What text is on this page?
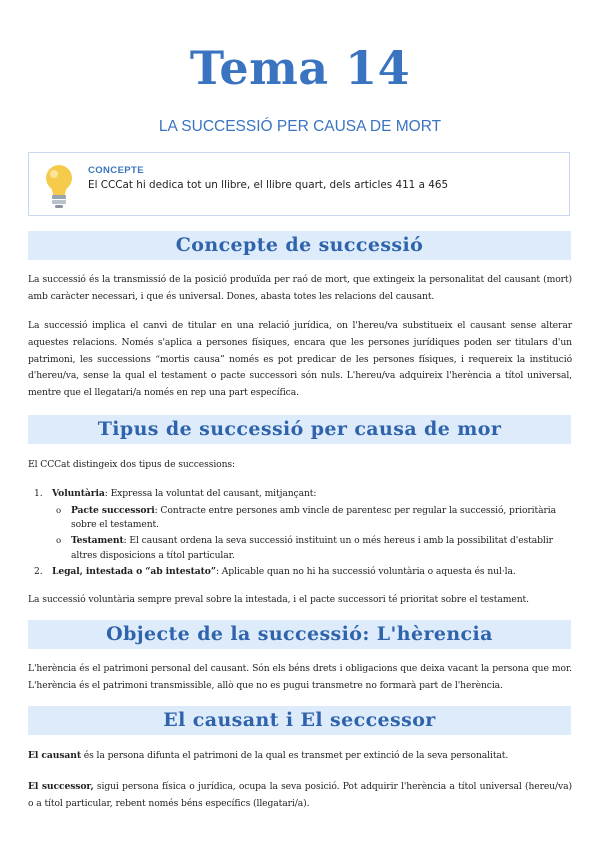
Tema 14
LA SUCCESSIÓ PER CAUSA DE MORT
CONCEPTE
El CCCat hi dedica tot un llibre, el llibre quart, dels articles 411 a 465
Concepte de successió
La successió és la transmissió de la posició produïda per raó de mort, que extingeix la personalitat del causant (mort) amb caràcter necessari, i que és universal. Dones, abasta totes les relacions del causant.
La successió implica el canvi de titular en una relació jurídica, on l'hereu/va substitueix el causant sense alterar aquestes relacions. Només s'aplica a persones físiques, encara que les persones jurídiques poden ser titulars d'un patrimoni, les successions “mortis causa” només es pot predicar de les persones físiques, i requereix la institució d'hereu/va, sense la qual el testament o pacte successori són nuls. L'hereu/va adquireix l'herència a títol universal, mentre que el llegatari/a només en rep una part específica.
Tipus de successió per causa de mor
El CCCat distingeix dos tipus de successions:
1. Voluntària: Expressa la voluntat del causant, mitjançant:
o Pacte successori: Contracte entre persones amb vincle de parentesc per regular la successió, prioritària sobre el testament.
o Testament: El causant ordena la seva successió instituint un o més hereus i amb la possibilitat d'establir altres disposicions a títol particular.
2. Legal, intestada o “ab intestato”: Aplicable quan no hi ha successió voluntària o aquesta és nul·la.
La successió voluntària sempre preval sobre la intestada, i el pacte successori té prioritat sobre el testament.
Objecte de la successió: L'hèrencia
L'herència és el patrimoni personal del causant. Són els béns drets i obligacions que deixa vacant la persona que mor. L'herència és el patrimoni transmissible, allò que no es pugui transmetre no formarà part de l'herència.
El causant i El seccessor
El causant és la persona difunta el patrimoni de la qual es transmet per extinció de la seva personalitat.
El successor, sigui persona física o jurídica, ocupa la seva posició. Pot adquirir l'herència a títol universal (hereu/va) o a títol particular, rebent només béns específics (llegatari/a).
